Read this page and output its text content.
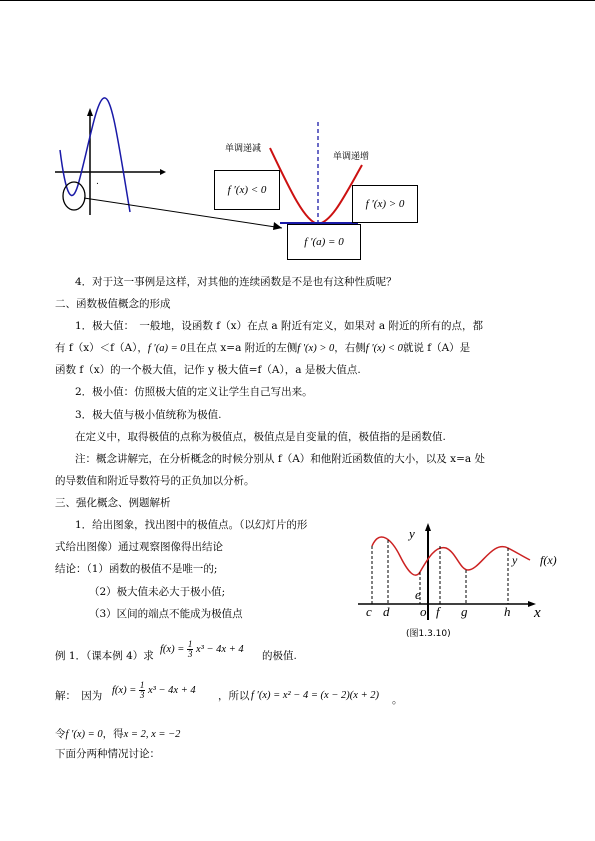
.
单调递减
单调递增
f ′(x) < 0
f ′(x) > 0
f ′(a) = 0
4．对于这一事例是这样，对其他的连续函数是不是也有这种性质呢？
二、函数极值概念的形成
1．极大值：　一般地，设函数 f（x）在点 a 附近有定义，如果对 a 附近的所有的点，都
有 f（x）＜f（A），f ′(a) = 0且在点 x=a 附近的左侧f ′(x) > 0，右侧f ′(x) < 0就说 f（A）是
函数 f（x）的一个极大值，记作 y 极大值=f（A），a 是极大值点.
2．极小值：仿照极大值的定义让学生自己写出来。
3．极大值与极小值统称为极值.
在定义中，取得极值的点称为极值点，极值点是自变量的值，极值指的是函数值.
注：概念讲解完，在分析概念的时候分别从 f（A）和他附近函数值的大小，以及 x=a 处
的导数值和附近导数符号的正负加以分析。
三、强化概念、例题解析
1．给出图象，找出图中的极值点。（以幻灯片的形
式给出图像）通过观察图像得出结论
结论：（1）函数的极值不是唯一的;
（2）极大值未必大于极小值;
（3）区间的端点不能成为极值点
例 1．（课本例 4）求
$f(x) = \frac{1}{3} x^3 - 4x + 4$
的极值.
解：　因为 $f(x) = \frac{1}{3} x^3 - 4x + 4$ ，所以 f ′(x) = x² − 4 = (x − 2)(x + 2) 。
令f ′(x) = 0，得x = 2, x = −2
下面分两种情况讨论：
y
y f(x)
e
x
c d o f g	h
(图1.3.10)
